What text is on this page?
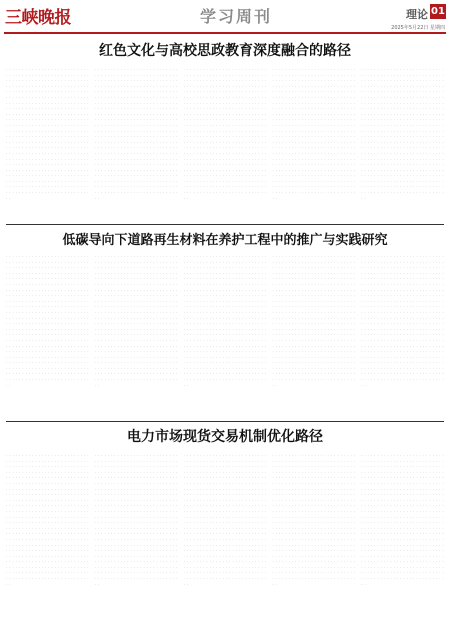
三峡晚报	学习周刊	理论 01
2025年5月22日 星期四
红色文化与高校思政教育深度融合的路径

· · · · · · · · · · · · · · · · · · · · · · · · · · · · · · · · · · · · · · · · · · · · · · · · · · · · · · · · · · · · · · · · · · · · · · · · · · · · · · · · · · · · · · · · · · · · · · · · · · · · · · · · · · · · · · · · · · · · · · · · · · · · · · · · · · · · · · · · · · · · · · · · · · · · · · · · · · · · · · · · · · · · · · · · · · · · · · · · · · · · · · · · · · · · · · · · · · · · · · · · · · · · · · · · · · · · · · · · · · · · · · · · · · · · · · · · · · · · · · · · · · · · · · · · · · · · · · · · · · · · · · · · · · · · · · · · · · · · · · · · · · · · · · · · · · · · · · · · · · · · · · · · · · · · · · · · · · · · · · · · · · · · · · · · · · · · · · · · · · · · · · · · · · · · · · · · · · · · · · · · · · · · · · · · · · · · · · · · · · · · · · · · · · · · · · · · · · · · · · · · · · · · · · · · · · · · · · · · · · · · · · · · · · · · · · · · · · · · · · · · · · · · · · · · · · · · · · · · · · · · · · · · · · · · · · · · · · · · · · · · · · · · · · · · · · · · · · · · · · · · · · · · · · · · · · · · · · · · · · · · · · · · · · · · · · · · · · · · · · · · · · · · · · · · · · · · · · · · · · · · · · · · · · · · · · · · · · · · · · · · · · · · · · · · · · · · · · · · · · · ·

· · · · · · · · · · · · · · · · · · · · · · · · · · · · · · · · · · · · · · · · · · · · · · · · · · · · · · · · · · · · · · · · · · · · · · · · · · · · · · · · · · · · · · · · · · · · · · · · · · · · · · · · · · · · · · · · · · · · · · · · · · · · · · · · · · · · · · · · · · · · · · · · · · · · · · · · · · · · · · · · · · · · · · · · · · · · · · · · · · · · · · · · · · · · · · · · · · · · · · · · · · · · · · · · · · · · · · · · · · · · · · · · · · · · · · · · · · · · · · · · · · · · · · · · · · · · · · · · · · · · · · · · · · · · · · · · · · · · · · · · · · · · · · · · · · · · · · · · · · · · · · · · · · · · · · · · · · · · · · · · · · · · · · · · · · · · · · · · · · · · · · · · · · · · · · · · · · · · · · · · · · · · · · · · · · · · · · · · · · · · · · · · · · · · · · · · · · · · · · · · · · · · · · · · · · · · · · · · · · · · · · · · · · · · · · · · · · · · · · · · · · · · · · · · · · · · · · · · · · · · · · · · · · · · · · · · · · · · · · · · · · · · · · · · · · · · · · · · · · · · · · · · · · · · · · · · · · · · · · · · · · · · · · · · · · · · · · · · · · · · · · · · · · · · · · · · · · · · · · · · · · · · · · · · · · · · · · · · · · · · · · · · · · · · · · · · · · · · · · · ·

· · · · · · · · · · · · · · · · · · · · · · · · · · · · · · · · · · · · · · · · · · · · · · · · · · · · · · · · · · · · · · · · · · · · · · · · · · · · · · · · · · · · · · · · · · · · · · · · · · · · · · · · · · · · · · · · · · · · · · · · · · · · · · · · · · · · · · · · · · · · · · · · · · · · · · · · · · · · · · · · · · · · · · · · · · · · · · · · · · · · · · · · · · · · · · · · · · · · · · · · · · · · · · · · · · · · · · · · · · · · · · · · · · · · · · · · · · · · · · · · · · · · · · · · · · · · · · · · · · · · · · · · · · · · · · · · · · · · · · · · · · · · · · · · · · · · · · · · · · · · · · · · · · · · · · · · · · · · · · · · · · · · · · · · · · · · · · · · · · · · · · · · · · · · · · · · · · · · · · · · · · · · · · · · · · · · · · · · · · · · · · · · · · · · · · · · · · · · · · · · · · · · · · · · · · · · · · · · · · · · · · · · · · · · · · · · · · · · · · · · · · · · · · · · · · · · · · · · · · · · · · · · · · · · · · · · · · · · · · · · · · · · · · · · · · · · · · · · · · · · · · · · · · · · · · · · · · · · · · · · · · · · · · · · · · · · · · · · · · · · · · · · · · · · · · · · · · · · · · · · · · · · · · · · · · · · · · · · · · · · · · · · · · · · · · · · · · · · · · · ·

· · · · · · · · · · · · · · · · · · · · · · · · · · · · · · · · · · · · · · · · · · · · · · · · · · · · · · · · · · · · · · · · · · · · · · · · · · · · · · · · · · · · · · · · · · · · · · · · · · · · · · · · · · · · · · · · · · · · · · · · · · · · · · · · · · · · · · · · · · · · · · · · · · · · · · · · · · · · · · · · · · · · · · · · · · · · · · · · · · · · · · · · · · · · · · · · · · · · · · · · · · · · · · · · · · · · · · · · · · · · · · · · · · · · · · · · · · · · · · · · · · · · · · · · · · · · · · · · · · · · · · · · · · · · · · · · · · · · · · · · · · · · · · · · · · · · · · · · · · · · · · · · · · · · · · · · · · · · · · · · · · · · · · · · · · · · · · · · · · · · · · · · · · · · · · · · · · · · · · · · · · · · · · · · · · · · · · · · · · · · · · · · · · · · · · · · · · · · · · · · · · · · · · · · · · · · · · · · · · · · · · · · · · · · · · · · · · · · · · · · · · · · · · · · · · · · · · · · · · · · · · · · · · · · · · · · · · · · · · · · · · · · · · · · · · · · · · · · · · · · · · · · · · · · · · · · · · · · · · · · · · · · · · · · · · · · · · · · · · · · · · · · · · · · · · · · · · · · · · · · · · · · · · · · · · · · · · · · · · · · · · · · · · · · · · · · · · · · · · · ·

· · · · · · · · · · · · · · · · · · · · · · · · · · · · · · · · · · · · · · · · · · · · · · · · · · · · · · · · · · · · · · · · · · · · · · · · · · · · · · · · · · · · · · · · · · · · · · · · · · · · · · · · · · · · · · · · · · · · · · · · · · · · · · · · · · · · · · · · · · · · · · · · · · · · · · · · · · · · · · · · · · · · · · · · · · · · · · · · · · · · · · · · · · · · · · · · · · · · · · · · · · · · · · · · · · · · · · · · · · · · · · · · · · · · · · · · · · · · · · · · · · · · · · · · · · · · · · · · · · · · · · · · · · · · · · · · · · · · · · · · · · · · · · · · · · · · · · · · · · · · · · · · · · · · · · · · · · · · · · · · · · · · · · · · · · · · · · · · · · · · · · · · · · · · · · · · · · · · · · · · · · · · · · · · · · · · · · · · · · · · · · · · · · · · · · · · · · · · · · · · · · · · · · · · · · · · · · · · · · · · · · · · · · · · · · · · · · · · · · · · · · · · · · · · · · · · · · · · · · · · · · · · · · · · · · · · · · · · · · · · · · · · · · · · · · · · · · · · · · · · · · · · · · · · · · · · · · · · · · · · · · · · · · · · · · · · · · · · · · · · · · · · · · · · · · · · · · · · · · · · · · · · · · · · · · · · · · · · · · · · · · · · · · · · · · · · · · · · · · · ·
低碳导向下道路再生材料在养护工程中的推广与实践研究

· · · · · · · · · · · · · · · · · · · · · · · · · · · · · · · · · · · · · · · · · · · · · · · · · · · · · · · · · · · · · · · · · · · · · · · · · · · · · · · · · · · · · · · · · · · · · · · · · · · · · · · · · · · · · · · · · · · · · · · · · · · · · · · · · · · · · · · · · · · · · · · · · · · · · · · · · · · · · · · · · · · · · · · · · · · · · · · · · · · · · · · · · · · · · · · · · · · · · · · · · · · · · · · · · · · · · · · · · · · · · · · · · · · · · · · · · · · · · · · · · · · · · · · · · · · · · · · · · · · · · · · · · · · · · · · · · · · · · · · · · · · · · · · · · · · · · · · · · · · · · · · · · · · · · · · · · · · · · · · · · · · · · · · · · · · · · · · · · · · · · · · · · · · · · · · · · · · · · · · · · · · · · · · · · · · · · · · · · · · · · · · · · · · · · · · · · · · · · · · · · · · · · · · · · · · · · · · · · · · · · · · · · · · · · · · · · · · · · · · · · · · · · · · · · · · · · · · · · · · · · · · · · · · · · · · · · · · · · · · · · · · · · · · · · · · · · · · · · · · · · · · · · · · · · · · · · · · · · · · · · · · · · · · · · · · · · · · · · · · · · · · · · · · · · · · · · · · · · · · · · · · · · · · · · · · · · · · · · · · · · · · · · · · · · · · · · · · · · · · ·

· · · · · · · · · · · · · · · · · · · · · · · · · · · · · · · · · · · · · · · · · · · · · · · · · · · · · · · · · · · · · · · · · · · · · · · · · · · · · · · · · · · · · · · · · · · · · · · · · · · · · · · · · · · · · · · · · · · · · · · · · · · · · · · · · · · · · · · · · · · · · · · · · · · · · · · · · · · · · · · · · · · · · · · · · · · · · · · · · · · · · · · · · · · · · · · · · · · · · · · · · · · · · · · · · · · · · · · · · · · · · · · · · · · · · · · · · · · · · · · · · · · · · · · · · · · · · · · · · · · · · · · · · · · · · · · · · · · · · · · · · · · · · · · · · · · · · · · · · · · · · · · · · · · · · · · · · · · · · · · · · · · · · · · · · · · · · · · · · · · · · · · · · · · · · · · · · · · · · · · · · · · · · · · · · · · · · · · · · · · · · · · · · · · · · · · · · · · · · · · · · · · · · · · · · · · · · · · · · · · · · · · · · · · · · · · · · · · · · · · · · · · · · · · · · · · · · · · · · · · · · · · · · · · · · · · · · · · · · · · · · · · · · · · · · · · · · · · · · · · · · · · · · · · · · · · · · · · · · · · · · · · · · · · · · · · · · · · · · · · · · · · · · · · · · · · · · · · · · · · · · · · · · · · · · · · · · · · · · · · · · · · · · · · · · · · · · · · · · · · ·

· · · · · · · · · · · · · · · · · · · · · · · · · · · · · · · · · · · · · · · · · · · · · · · · · · · · · · · · · · · · · · · · · · · · · · · · · · · · · · · · · · · · · · · · · · · · · · · · · · · · · · · · · · · · · · · · · · · · · · · · · · · · · · · · · · · · · · · · · · · · · · · · · · · · · · · · · · · · · · · · · · · · · · · · · · · · · · · · · · · · · · · · · · · · · · · · · · · · · · · · · · · · · · · · · · · · · · · · · · · · · · · · · · · · · · · · · · · · · · · · · · · · · · · · · · · · · · · · · · · · · · · · · · · · · · · · · · · · · · · · · · · · · · · · · · · · · · · · · · · · · · · · · · · · · · · · · · · · · · · · · · · · · · · · · · · · · · · · · · · · · · · · · · · · · · · · · · · · · · · · · · · · · · · · · · · · · · · · · · · · · · · · · · · · · · · · · · · · · · · · · · · · · · · · · · · · · · · · · · · · · · · · · · · · · · · · · · · · · · · · · · · · · · · · · · · · · · · · · · · · · · · · · · · · · · · · · · · · · · · · · · · · · · · · · · · · · · · · · · · · · · · · · · · · · · · · · · · · · · · · · · · · · · · · · · · · · · · · · · · · · · · · · · · · · · · · · · · · · · · · · · · · · · · · · · · · · · · · · · · · · · · · · · · · · · · · · · · · · · · ·

· · · · · · · · · · · · · · · · · · · · · · · · · · · · · · · · · · · · · · · · · · · · · · · · · · · · · · · · · · · · · · · · · · · · · · · · · · · · · · · · · · · · · · · · · · · · · · · · · · · · · · · · · · · · · · · · · · · · · · · · · · · · · · · · · · · · · · · · · · · · · · · · · · · · · · · · · · · · · · · · · · · · · · · · · · · · · · · · · · · · · · · · · · · · · · · · · · · · · · · · · · · · · · · · · · · · · · · · · · · · · · · · · · · · · · · · · · · · · · · · · · · · · · · · · · · · · · · · · · · · · · · · · · · · · · · · · · · · · · · · · · · · · · · · · · · · · · · · · · · · · · · · · · · · · · · · · · · · · · · · · · · · · · · · · · · · · · · · · · · · · · · · · · · · · · · · · · · · · · · · · · · · · · · · · · · · · · · · · · · · · · · · · · · · · · · · · · · · · · · · · · · · · · · · · · · · · · · · · · · · · · · · · · · · · · · · · · · · · · · · · · · · · · · · · · · · · · · · · · · · · · · · · · · · · · · · · · · · · · · · · · · · · · · · · · · · · · · · · · · · · · · · · · · · · · · · · · · · · · · · · · · · · · · · · · · · · · · · · · · · · · · · · · · · · · · · · · · · · · · · · · · · · · · · · · · · · · · · · · · · · · · · · · · · · · · · · · · · · · · ·

· · · · · · · · · · · · · · · · · · · · · · · · · · · · · · · · · · · · · · · · · · · · · · · · · · · · · · · · · · · · · · · · · · · · · · · · · · · · · · · · · · · · · · · · · · · · · · · · · · · · · · · · · · · · · · · · · · · · · · · · · · · · · · · · · · · · · · · · · · · · · · · · · · · · · · · · · · · · · · · · · · · · · · · · · · · · · · · · · · · · · · · · · · · · · · · · · · · · · · · · · · · · · · · · · · · · · · · · · · · · · · · · · · · · · · · · · · · · · · · · · · · · · · · · · · · · · · · · · · · · · · · · · · · · · · · · · · · · · · · · · · · · · · · · · · · · · · · · · · · · · · · · · · · · · · · · · · · · · · · · · · · · · · · · · · · · · · · · · · · · · · · · · · · · · · · · · · · · · · · · · · · · · · · · · · · · · · · · · · · · · · · · · · · · · · · · · · · · · · · · · · · · · · · · · · · · · · · · · · · · · · · · · · · · · · · · · · · · · · · · · · · · · · · · · · · · · · · · · · · · · · · · · · · · · · · · · · · · · · · · · · · · · · · · · · · · · · · · · · · · · · · · · · · · · · · · · · · · · · · · · · · · · · · · · · · · · · · · · · · · · · · · · · · · · · · · · · · · · · · · · · · · · · · · · · · · · · · · · · · · · · · · · · · · · · · · · · · · · · · ·
电力市场现货交易机制优化路径

· · · · · · · · · · · · · · · · · · · · · · · · · · · · · · · · · · · · · · · · · · · · · · · · · · · · · · · · · · · · · · · · · · · · · · · · · · · · · · · · · · · · · · · · · · · · · · · · · · · · · · · · · · · · · · · · · · · · · · · · · · · · · · · · · · · · · · · · · · · · · · · · · · · · · · · · · · · · · · · · · · · · · · · · · · · · · · · · · · · · · · · · · · · · · · · · · · · · · · · · · · · · · · · · · · · · · · · · · · · · · · · · · · · · · · · · · · · · · · · · · · · · · · · · · · · · · · · · · · · · · · · · · · · · · · · · · · · · · · · · · · · · · · · · · · · · · · · · · · · · · · · · · · · · · · · · · · · · · · · · · · · · · · · · · · · · · · · · · · · · · · · · · · · · · · · · · · · · · · · · · · · · · · · · · · · · · · · · · · · · · · · · · · · · · · · · · · · · · · · · · · · · · · · · · · · · · · · · · · · · · · · · · · · · · · · · · · · · · · · · · · · · · · · · · · · · · · · · · · · · · · · · · · · · · · · · · · · · · · · · · · · · · · · · · · · · · · · · · · · · · · · · · · · · · · · · · · · · · · · · · · · · · · · · · · · · · · · · · · · · · · · · · · · · · · · · · · · · · · · · · · · · · · · · · · · · · · · · · · · · · · · · · · · · · · · · · · · · · · · ·

· · · · · · · · · · · · · · · · · · · · · · · · · · · · · · · · · · · · · · · · · · · · · · · · · · · · · · · · · · · · · · · · · · · · · · · · · · · · · · · · · · · · · · · · · · · · · · · · · · · · · · · · · · · · · · · · · · · · · · · · · · · · · · · · · · · · · · · · · · · · · · · · · · · · · · · · · · · · · · · · · · · · · · · · · · · · · · · · · · · · · · · · · · · · · · · · · · · · · · · · · · · · · · · · · · · · · · · · · · · · · · · · · · · · · · · · · · · · · · · · · · · · · · · · · · · · · · · · · · · · · · · · · · · · · · · · · · · · · · · · · · · · · · · · · · · · · · · · · · · · · · · · · · · · · · · · · · · · · · · · · · · · · · · · · · · · · · · · · · · · · · · · · · · · · · · · · · · · · · · · · · · · · · · · · · · · · · · · · · · · · · · · · · · · · · · · · · · · · · · · · · · · · · · · · · · · · · · · · · · · · · · · · · · · · · · · · · · · · · · · · · · · · · · · · · · · · · · · · · · · · · · · · · · · · · · · · · · · · · · · · · · · · · · · · · · · · · · · · · · · · · · · · · · · · · · · · · · · · · · · · · · · · · · · · · · · · · · · · · · · · · · · · · · · · · · · · · · · · · · · · · · · · · · · · · · · · · · · · · · · · · · · · · · · · · · · · · · · · · · ·

· · · · · · · · · · · · · · · · · · · · · · · · · · · · · · · · · · · · · · · · · · · · · · · · · · · · · · · · · · · · · · · · · · · · · · · · · · · · · · · · · · · · · · · · · · · · · · · · · · · · · · · · · · · · · · · · · · · · · · · · · · · · · · · · · · · · · · · · · · · · · · · · · · · · · · · · · · · · · · · · · · · · · · · · · · · · · · · · · · · · · · · · · · · · · · · · · · · · · · · · · · · · · · · · · · · · · · · · · · · · · · · · · · · · · · · · · · · · · · · · · · · · · · · · · · · · · · · · · · · · · · · · · · · · · · · · · · · · · · · · · · · · · · · · · · · · · · · · · · · · · · · · · · · · · · · · · · · · · · · · · · · · · · · · · · · · · · · · · · · · · · · · · · · · · · · · · · · · · · · · · · · · · · · · · · · · · · · · · · · · · · · · · · · · · · · · · · · · · · · · · · · · · · · · · · · · · · · · · · · · · · · · · · · · · · · · · · · · · · · · · · · · · · · · · · · · · · · · · · · · · · · · · · · · · · · · · · · · · · · · · · · · · · · · · · · · · · · · · · · · · · · · · · · · · · · · · · · · · · · · · · · · · · · · · · · · · · · · · · · · · · · · · · · · · · · · · · · · · · · · · · · · · · · · · · · · · · · · · · · · · · · · · · · · · · · · · · · · · · · ·

· · · · · · · · · · · · · · · · · · · · · · · · · · · · · · · · · · · · · · · · · · · · · · · · · · · · · · · · · · · · · · · · · · · · · · · · · · · · · · · · · · · · · · · · · · · · · · · · · · · · · · · · · · · · · · · · · · · · · · · · · · · · · · · · · · · · · · · · · · · · · · · · · · · · · · · · · · · · · · · · · · · · · · · · · · · · · · · · · · · · · · · · · · · · · · · · · · · · · · · · · · · · · · · · · · · · · · · · · · · · · · · · · · · · · · · · · · · · · · · · · · · · · · · · · · · · · · · · · · · · · · · · · · · · · · · · · · · · · · · · · · · · · · · · · · · · · · · · · · · · · · · · · · · · · · · · · · · · · · · · · · · · · · · · · · · · · · · · · · · · · · · · · · · · · · · · · · · · · · · · · · · · · · · · · · · · · · · · · · · · · · · · · · · · · · · · · · · · · · · · · · · · · · · · · · · · · · · · · · · · · · · · · · · · · · · · · · · · · · · · · · · · · · · · · · · · · · · · · · · · · · · · · · · · · · · · · · · · · · · · · · · · · · · · · · · · · · · · · · · · · · · · · · · · · · · · · · · · · · · · · · · · · · · · · · · · · · · · · · · · · · · · · · · · · · · · · · · · · · · · · · · · · · · · · · · · · · · · · · · · · · · · · · · · · · · · · · · · · · · ·

· · · · · · · · · · · · · · · · · · · · · · · · · · · · · · · · · · · · · · · · · · · · · · · · · · · · · · · · · · · · · · · · · · · · · · · · · · · · · · · · · · · · · · · · · · · · · · · · · · · · · · · · · · · · · · · · · · · · · · · · · · · · · · · · · · · · · · · · · · · · · · · · · · · · · · · · · · · · · · · · · · · · · · · · · · · · · · · · · · · · · · · · · · · · · · · · · · · · · · · · · · · · · · · · · · · · · · · · · · · · · · · · · · · · · · · · · · · · · · · · · · · · · · · · · · · · · · · · · · · · · · · · · · · · · · · · · · · · · · · · · · · · · · · · · · · · · · · · · · · · · · · · · · · · · · · · · · · · · · · · · · · · · · · · · · · · · · · · · · · · · · · · · · · · · · · · · · · · · · · · · · · · · · · · · · · · · · · · · · · · · · · · · · · · · · · · · · · · · · · · · · · · · · · · · · · · · · · · · · · · · · · · · · · · · · · · · · · · · · · · · · · · · · · · · · · · · · · · · · · · · · · · · · · · · · · · · · · · · · · · · · · · · · · · · · · · · · · · · · · · · · · · · · · · · · · · · · · · · · · · · · · · · · · · · · · · · · · · · · · · · · · · · · · · · · · · · · · · · · · · · · · · · · · · · · · · · · · · · · · · · · · · · · · · · · · · · · · · · · · ·
